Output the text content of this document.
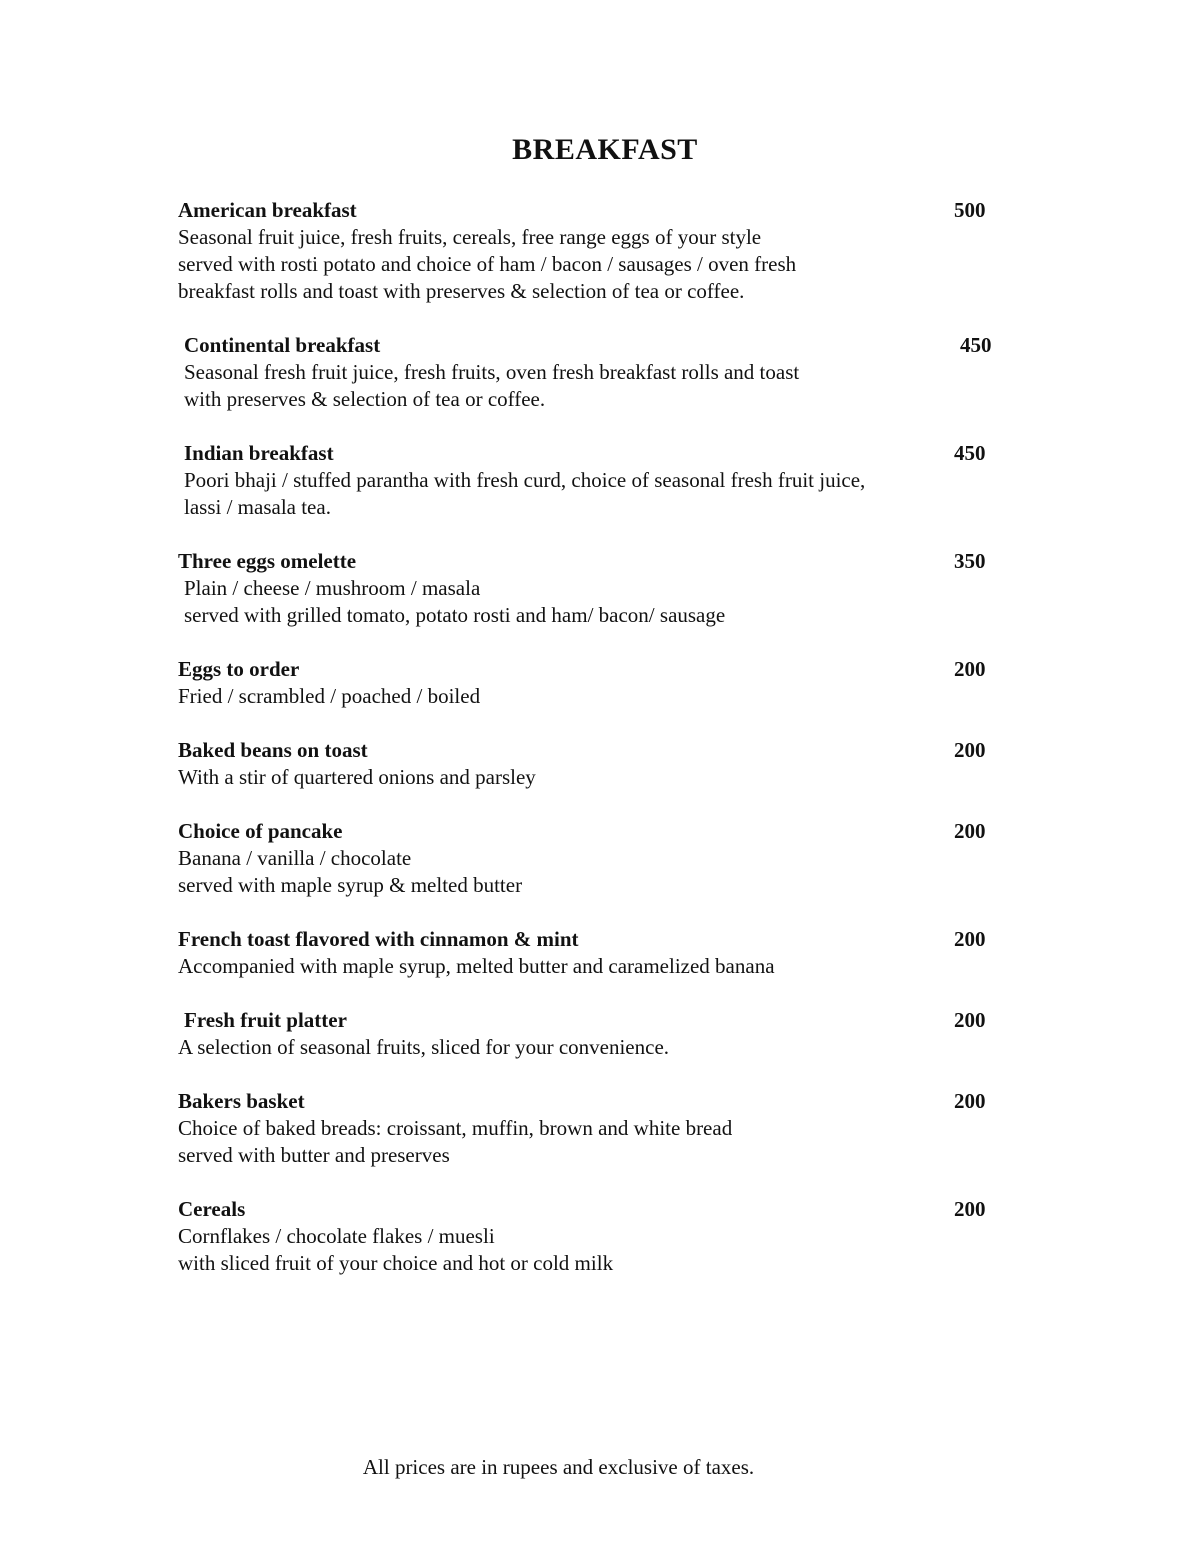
BREAKFAST
American breakfast	500
Seasonal fruit juice, fresh fruits, cereals, free range eggs of your style
served with rosti potato and choice of ham / bacon / sausages / oven fresh
breakfast rolls and toast with preserves & selection of tea or coffee.
Continental breakfast	450
Seasonal fresh fruit juice, fresh fruits, oven fresh breakfast rolls and toast
with preserves & selection of tea or coffee.
Indian breakfast	450
Poori bhaji / stuffed parantha with fresh curd, choice of seasonal fresh fruit juice,
lassi / masala tea.
Three eggs omelette	350
Plain / cheese / mushroom / masala
served with grilled tomato, potato rosti and ham/ bacon/ sausage
Eggs to order	200
Fried / scrambled / poached / boiled
Baked beans on toast	200
With a stir of quartered onions and parsley
Choice of pancake	200
Banana / vanilla / chocolate
served with maple syrup & melted butter
French toast flavored with cinnamon & mint	200
Accompanied with maple syrup, melted butter and caramelized banana
Fresh fruit platter	200
A selection of seasonal fruits, sliced for your convenience.
Bakers basket	200
Choice of baked breads: croissant, muffin, brown and white bread
served with butter and preserves
Cereals	200
Cornflakes / chocolate flakes / muesli
with sliced fruit of your choice and hot or cold milk
All prices are in rupees and exclusive of taxes.
